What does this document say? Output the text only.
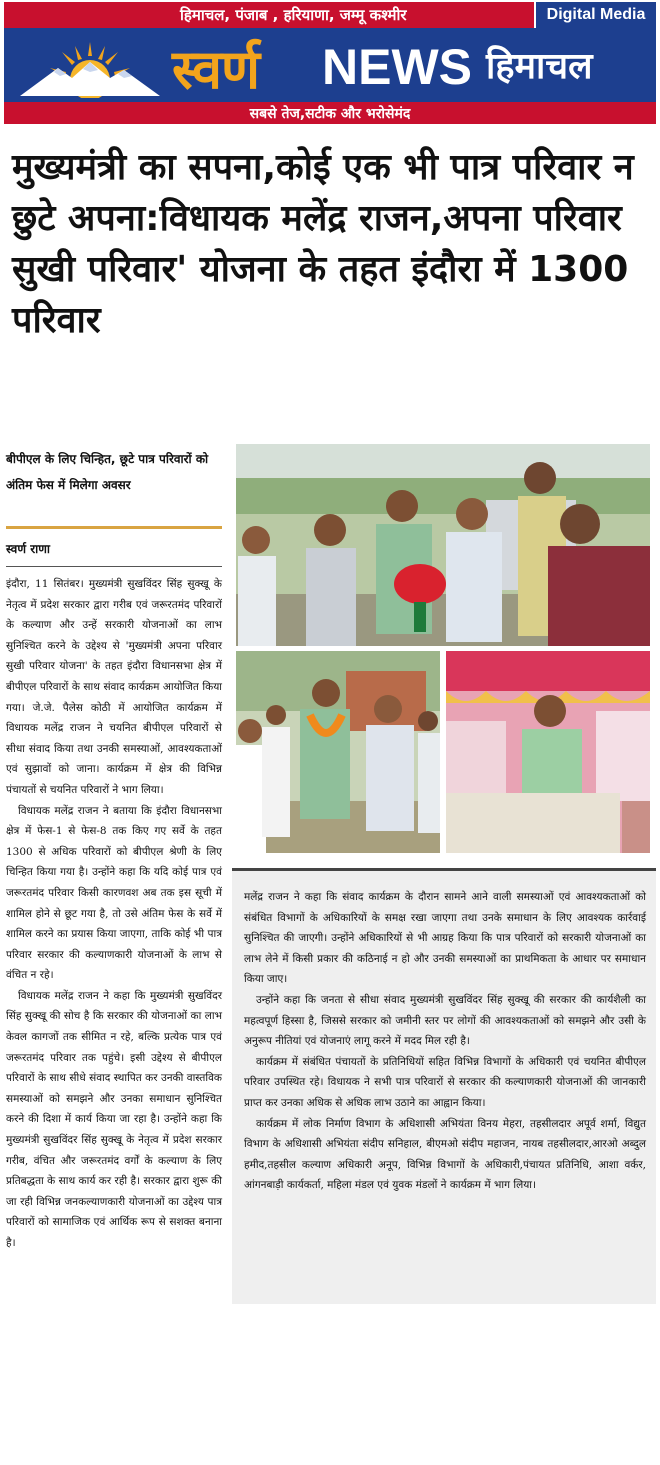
हिमाचल, पंजाब , हरियाणा, जम्मू कश्मीर	Digital Media
स्वर्ण NEWS हिमाचल
सबसे तेज,सटीक और भरोसेमंद
मुख्यमंत्री का सपना,कोई एक भी पात्र परिवार न छुटे अपना:विधायक मलेंद्र राजन,अपना परिवार सुखी परिवार' योजना के तहत इंदौरा में 1300 परिवार
बीपीएल के लिए चिन्हित, छूटे पात्र परिवारों को अंतिम फेस में मिलेगा अवसर
स्वर्ण राणा

इंदौरा, 11 सितंबर। मुख्यमंत्री सुखविंदर सिंह सुक्खू के नेतृत्व में प्रदेश सरकार द्वारा गरीब एवं जरूरतमंद परिवारों के कल्याण और उन्हें सरकारी योजनाओं का लाभ सुनिश्चित करने के उद्देश्य से 'मुख्यमंत्री अपना परिवार सुखी परिवार योजना' के तहत इंदौरा विधानसभा क्षेत्र में बीपीएल परिवारों के साथ संवाद कार्यक्रम आयोजित किया गया। जे.जे. पैलेस कोठी में आयोजित कार्यक्रम में विधायक मलेंद्र राजन ने चयनित बीपीएल परिवारों से सीधा संवाद किया तथा उनकी समस्याओं, आवश्यकताओं एवं सुझावों को जाना। कार्यक्रम में क्षेत्र की विभिन्न पंचायतों से चयनित परिवारों ने भाग लिया।

विधायक मलेंद्र राजन ने बताया कि इंदौरा विधानसभा क्षेत्र में फेस-1 से फेस-8 तक किए गए सर्वे के तहत 1300 से अधिक परिवारों को बीपीएल श्रेणी के लिए चिन्हित किया गया है। उन्होंने कहा कि यदि कोई पात्र एवं जरूरतमंद परिवार किसी कारणवश अब तक इस सूची में शामिल होने से छूट गया है, तो उसे अंतिम फेस के सर्वे में शामिल करने का प्रयास किया जाएगा, ताकि कोई भी पात्र परिवार सरकार की कल्याणकारी योजनाओं के लाभ से वंचित न रहे।

विधायक मलेंद्र राजन ने कहा कि मुख्यमंत्री सुखविंदर सिंह सुक्खू की सोच है कि सरकार की योजनाओं का लाभ केवल कागजों तक सीमित न रहे, बल्कि प्रत्येक पात्र एवं जरूरतमंद परिवार तक पहुंचे। इसी उद्देश्य से बीपीएल परिवारों के साथ सीधे संवाद स्थापित कर उनकी वास्तविक समस्याओं को समझने और उनका समाधान सुनिश्चित करने की दिशा में कार्य किया जा रहा है। उन्होंने कहा कि मुख्यमंत्री सुखविंदर सिंह सुक्खू के नेतृत्व में प्रदेश सरकार गरीब, वंचित और जरूरतमंद वर्गों के कल्याण के लिए प्रतिबद्धता के साथ कार्य कर रही है। सरकार द्वारा शुरू की जा रही विभिन्न जनकल्याणकारी योजनाओं का उद्देश्य पात्र परिवारों को सामाजिक एवं आर्थिक रूप से सशक्त बनाना है।

मलेंद्र राजन ने कहा कि संवाद कार्यक्रम के दौरान सामने आने वाली समस्याओं एवं आवश्यकताओं को संबंधित विभागों के अधिकारियों के समक्ष रखा जाएगा तथा उनके समाधान के लिए आवश्यक कार्रवाई सुनिश्चित की जाएगी। उन्होंने अधिकारियों से भी आग्रह किया कि पात्र परिवारों को सरकारी योजनाओं का लाभ लेने में किसी प्रकार की कठिनाई न हो और उनकी समस्याओं का प्राथमिकता के आधार पर समाधान किया जाए।

उन्होंने कहा कि जनता से सीधा संवाद मुख्यमंत्री सुखविंदर सिंह सुक्खू की सरकार की कार्यशैली का महत्वपूर्ण हिस्सा है, जिससे सरकार को जमीनी स्तर पर लोगों की आवश्यकताओं को समझने और उसी के अनुरूप नीतियां एवं योजनाएं लागू करने में मदद मिल रही है।

कार्यक्रम में संबंधित पंचायतों के प्रतिनिधियों सहित विभिन्न विभागों के अधिकारी एवं चयनित बीपीएल परिवार उपस्थित रहे। विधायक ने सभी पात्र परिवारों से सरकार की कल्याणकारी योजनाओं की जानकारी प्राप्त कर उनका अधिक से अधिक लाभ उठाने का आह्वान किया।

कार्यक्रम में लोक निर्माण विभाग के अधिशासी अभियंता विनय मेहरा, तहसीलदार अपूर्व शर्मा, विद्युत विभाग के अधिशासी अभियंता संदीप सनिहाल, बीएमओ संदीप महाजन, नायब तहसीलदार,आरओ अब्दुल हमीद,तहसील कल्याण अधिकारी अनूप, विभिन्न विभागों के अधिकारी,पंचायत प्रतिनिधि, आशा वर्कर, आंगनबाड़ी कार्यकर्ता, महिला मंडल एवं युवक मंडलों ने कार्यक्रम में भाग लिया।
